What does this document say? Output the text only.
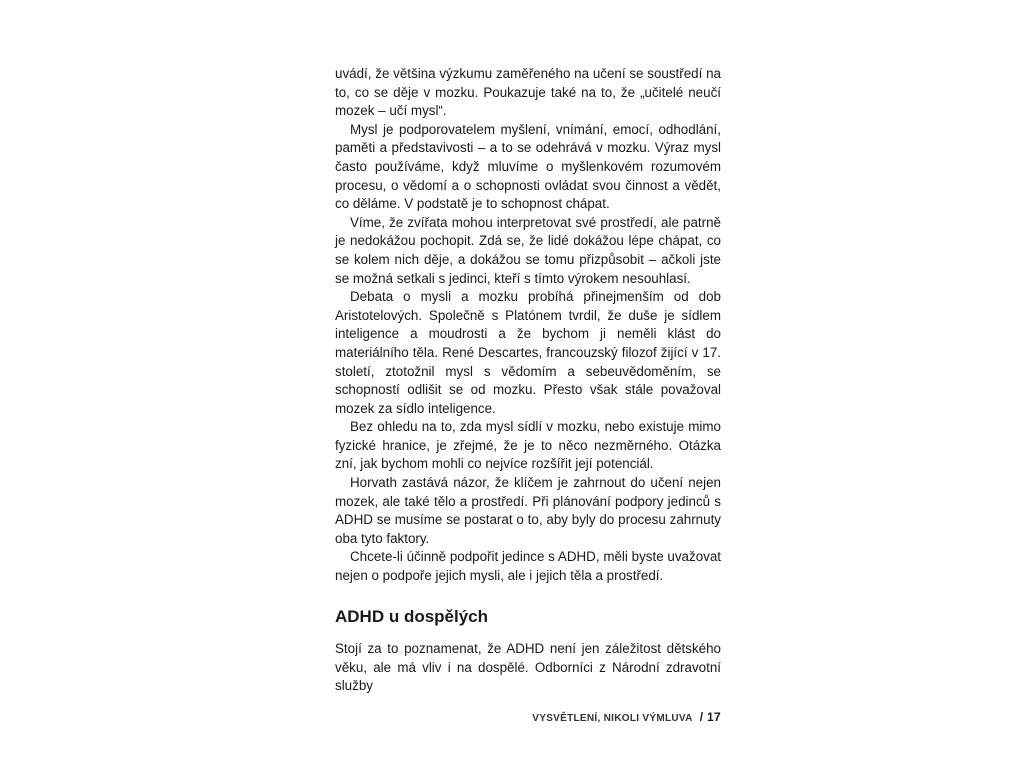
uvádí, že většina výzkumu zaměřeného na učení se soustředí na to, co se děje v mozku. Poukazuje také na to, že „učitelé neučí mozek – učí mysl“.

Mysl je podporovatelem myšlení, vnímání, emocí, odhodlání, paměti a představivosti – a to se odehrává v mozku. Výraz mysl často používáme, když mluvíme o myšlenkovém rozumovém procesu, o vědomí a o schopnosti ovládat svou činnost a vědět, co děláme. V podstatě je to schopnost chápat.

Víme, že zvířata mohou interpretovat své prostředí, ale patrně je nedokážou pochopit. Zdá se, že lidé dokážou lépe chápat, co se kolem nich děje, a dokážou se tomu přizpůsobit – ačkoli jste se možná setkali s jedinci, kteří s tímto výrokem nesouhlasí.

Debata o mysli a mozku probíhá přinejmenším od dob Aristotelových. Společně s Platónem tvrdil, že duše je sídlem inteligence a moudrosti a že bychom ji neměli klást do materiálního těla. René Descartes, francouzský filozof žijící v 17. století, ztotožnil mysl s vědomím a sebeuvědoměním, se schopností odlišit se od mozku. Přesto však stále považoval mozek za sídlo inteligence.

Bez ohledu na to, zda mysl sídlí v mozku, nebo existuje mimo fyzické hranice, je zřejmé, že je to něco nezměrného. Otázka zní, jak bychom mohli co nejvíce rozšířit její potenciál.

Horvath zastává názor, že klíčem je zahrnout do učení nejen mozek, ale také tělo a prostředí. Při plánování podpory jedinců s ADHD se musíme se postarat o to, aby byly do procesu zahrnuty oba tyto faktory.

Chcete-li účinně podpořit jedince s ADHD, měli byste uvažovat nejen o podpoře jejich mysli, ale i jejich těla a prostředí.

ADHD u dospělých

Stojí za to poznamenat, že ADHD není jen záležitost dětského věku, ale má vliv i na dospělé. Odborníci z Národní zdravotní služby

VYSVĚTLENÍ, NIKOLI VÝMLUVA / 17
